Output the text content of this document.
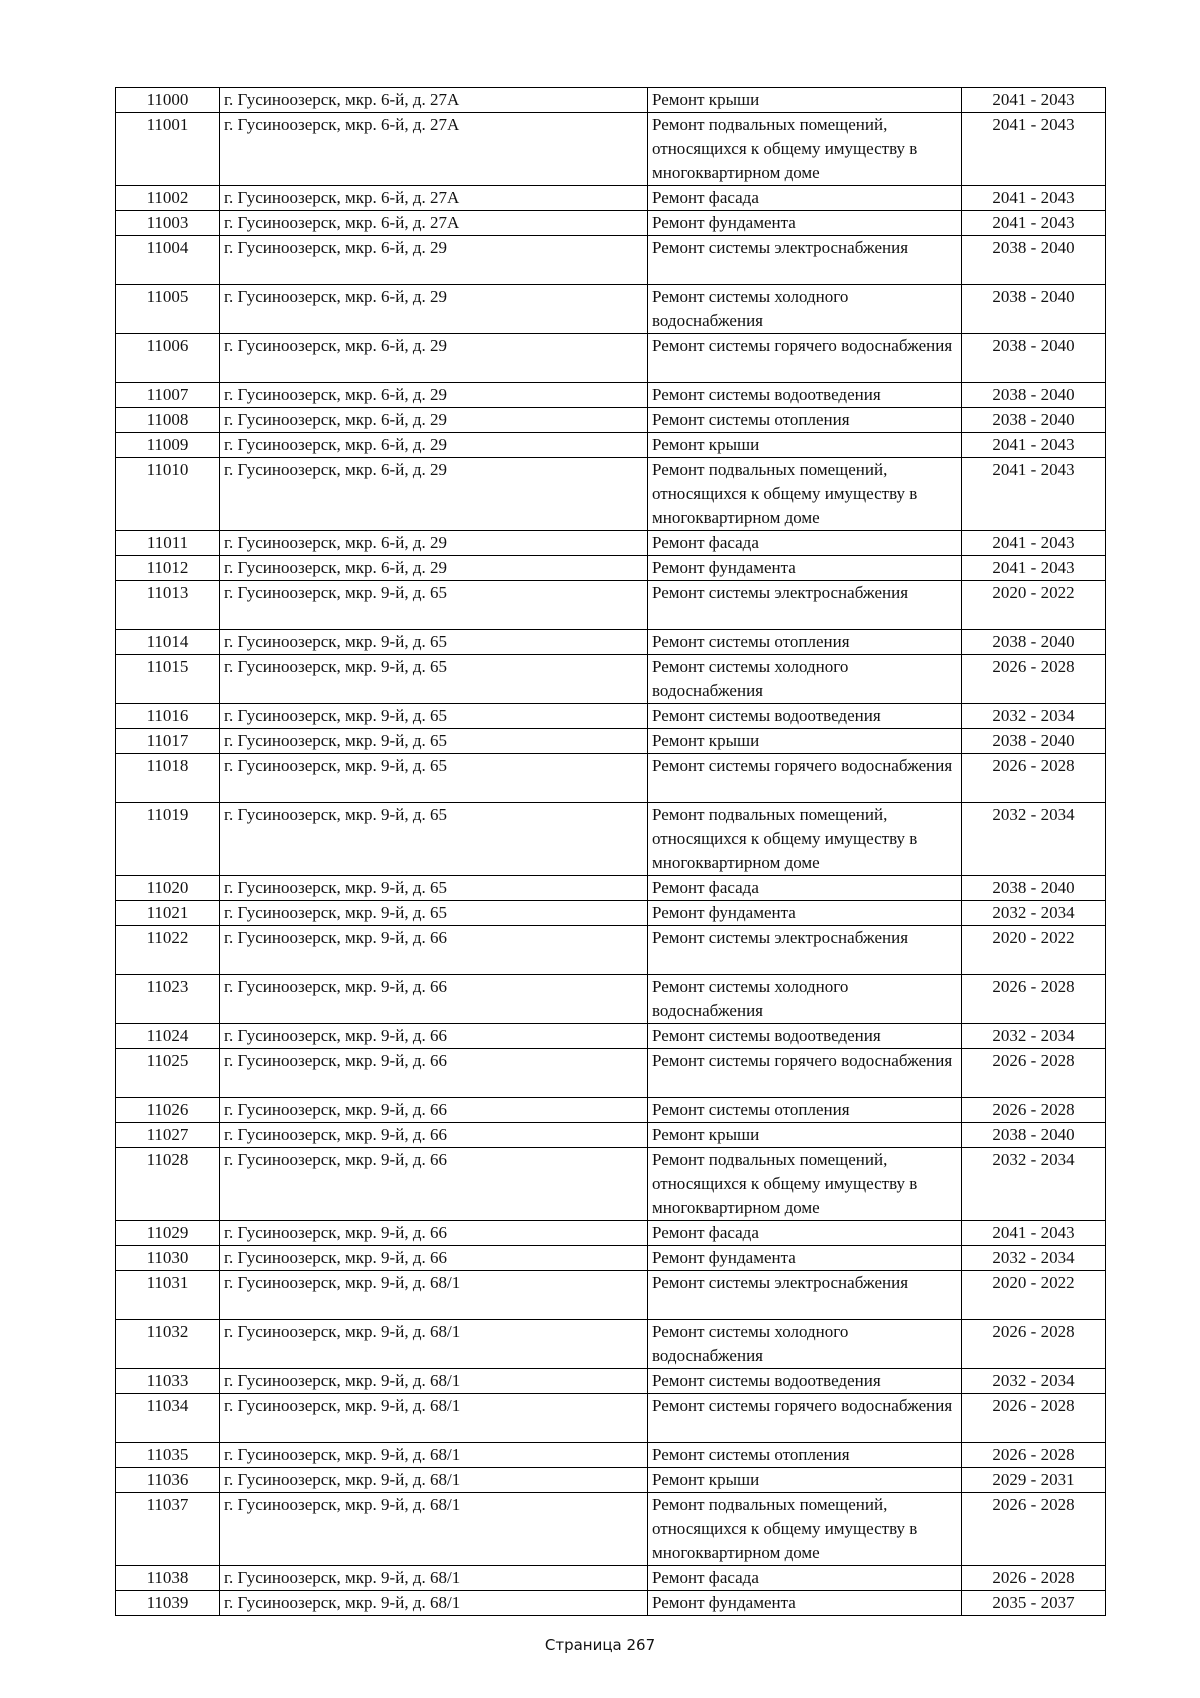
11000	г. Гусиноозерск, мкр. 6-й, д. 27А	Ремонт крыши	2041 - 2043
11001	г. Гусиноозерск, мкр. 6-й, д. 27А	Ремонт подвальных помещений, относящихся к общему имуществу в многоквартирном доме	2041 - 2043
11002	г. Гусиноозерск, мкр. 6-й, д. 27А	Ремонт фасада	2041 - 2043
11003	г. Гусиноозерск, мкр. 6-й, д. 27А	Ремонт фундамента	2041 - 2043
11004	г. Гусиноозерск, мкр. 6-й, д. 29	Ремонт системы электроснабжения	2038 - 2040
11005	г. Гусиноозерск, мкр. 6-й, д. 29	Ремонт системы холодного водоснабжения	2038 - 2040
11006	г. Гусиноозерск, мкр. 6-й, д. 29	Ремонт системы горячего водоснабжения	2038 - 2040
11007	г. Гусиноозерск, мкр. 6-й, д. 29	Ремонт системы водоотведения	2038 - 2040
11008	г. Гусиноозерск, мкр. 6-й, д. 29	Ремонт системы отопления	2038 - 2040
11009	г. Гусиноозерск, мкр. 6-й, д. 29	Ремонт крыши	2041 - 2043
11010	г. Гусиноозерск, мкр. 6-й, д. 29	Ремонт подвальных помещений, относящихся к общему имуществу в многоквартирном доме	2041 - 2043
11011	г. Гусиноозерск, мкр. 6-й, д. 29	Ремонт фасада	2041 - 2043
11012	г. Гусиноозерск, мкр. 6-й, д. 29	Ремонт фундамента	2041 - 2043
11013	г. Гусиноозерск, мкр. 9-й, д. 65	Ремонт системы электроснабжения	2020 - 2022
11014	г. Гусиноозерск, мкр. 9-й, д. 65	Ремонт системы отопления	2038 - 2040
11015	г. Гусиноозерск, мкр. 9-й, д. 65	Ремонт системы холодного водоснабжения	2026 - 2028
11016	г. Гусиноозерск, мкр. 9-й, д. 65	Ремонт системы водоотведения	2032 - 2034
11017	г. Гусиноозерск, мкр. 9-й, д. 65	Ремонт крыши	2038 - 2040
11018	г. Гусиноозерск, мкр. 9-й, д. 65	Ремонт системы горячего водоснабжения	2026 - 2028
11019	г. Гусиноозерск, мкр. 9-й, д. 65	Ремонт подвальных помещений, относящихся к общему имуществу в многоквартирном доме	2032 - 2034
11020	г. Гусиноозерск, мкр. 9-й, д. 65	Ремонт фасада	2038 - 2040
11021	г. Гусиноозерск, мкр. 9-й, д. 65	Ремонт фундамента	2032 - 2034
11022	г. Гусиноозерск, мкр. 9-й, д. 66	Ремонт системы электроснабжения	2020 - 2022
11023	г. Гусиноозерск, мкр. 9-й, д. 66	Ремонт системы холодного водоснабжения	2026 - 2028
11024	г. Гусиноозерск, мкр. 9-й, д. 66	Ремонт системы водоотведения	2032 - 2034
11025	г. Гусиноозерск, мкр. 9-й, д. 66	Ремонт системы горячего водоснабжения	2026 - 2028
11026	г. Гусиноозерск, мкр. 9-й, д. 66	Ремонт системы отопления	2026 - 2028
11027	г. Гусиноозерск, мкр. 9-й, д. 66	Ремонт крыши	2038 - 2040
11028	г. Гусиноозерск, мкр. 9-й, д. 66	Ремонт подвальных помещений, относящихся к общему имуществу в многоквартирном доме	2032 - 2034
11029	г. Гусиноозерск, мкр. 9-й, д. 66	Ремонт фасада	2041 - 2043
11030	г. Гусиноозерск, мкр. 9-й, д. 66	Ремонт фундамента	2032 - 2034
11031	г. Гусиноозерск, мкр. 9-й, д. 68/1	Ремонт системы электроснабжения	2020 - 2022
11032	г. Гусиноозерск, мкр. 9-й, д. 68/1	Ремонт системы холодного водоснабжения	2026 - 2028
11033	г. Гусиноозерск, мкр. 9-й, д. 68/1	Ремонт системы водоотведения	2032 - 2034
11034	г. Гусиноозерск, мкр. 9-й, д. 68/1	Ремонт системы горячего водоснабжения	2026 - 2028
11035	г. Гусиноозерск, мкр. 9-й, д. 68/1	Ремонт системы отопления	2026 - 2028
11036	г. Гусиноозерск, мкр. 9-й, д. 68/1	Ремонт крыши	2029 - 2031
11037	г. Гусиноозерск, мкр. 9-й, д. 68/1	Ремонт подвальных помещений, относящихся к общему имуществу в многоквартирном доме	2026 - 2028
11038	г. Гусиноозерск, мкр. 9-й, д. 68/1	Ремонт фасада	2026 - 2028
11039	г. Гусиноозерск, мкр. 9-й, д. 68/1	Ремонт фундамента	2035 - 2037
Страница 267
